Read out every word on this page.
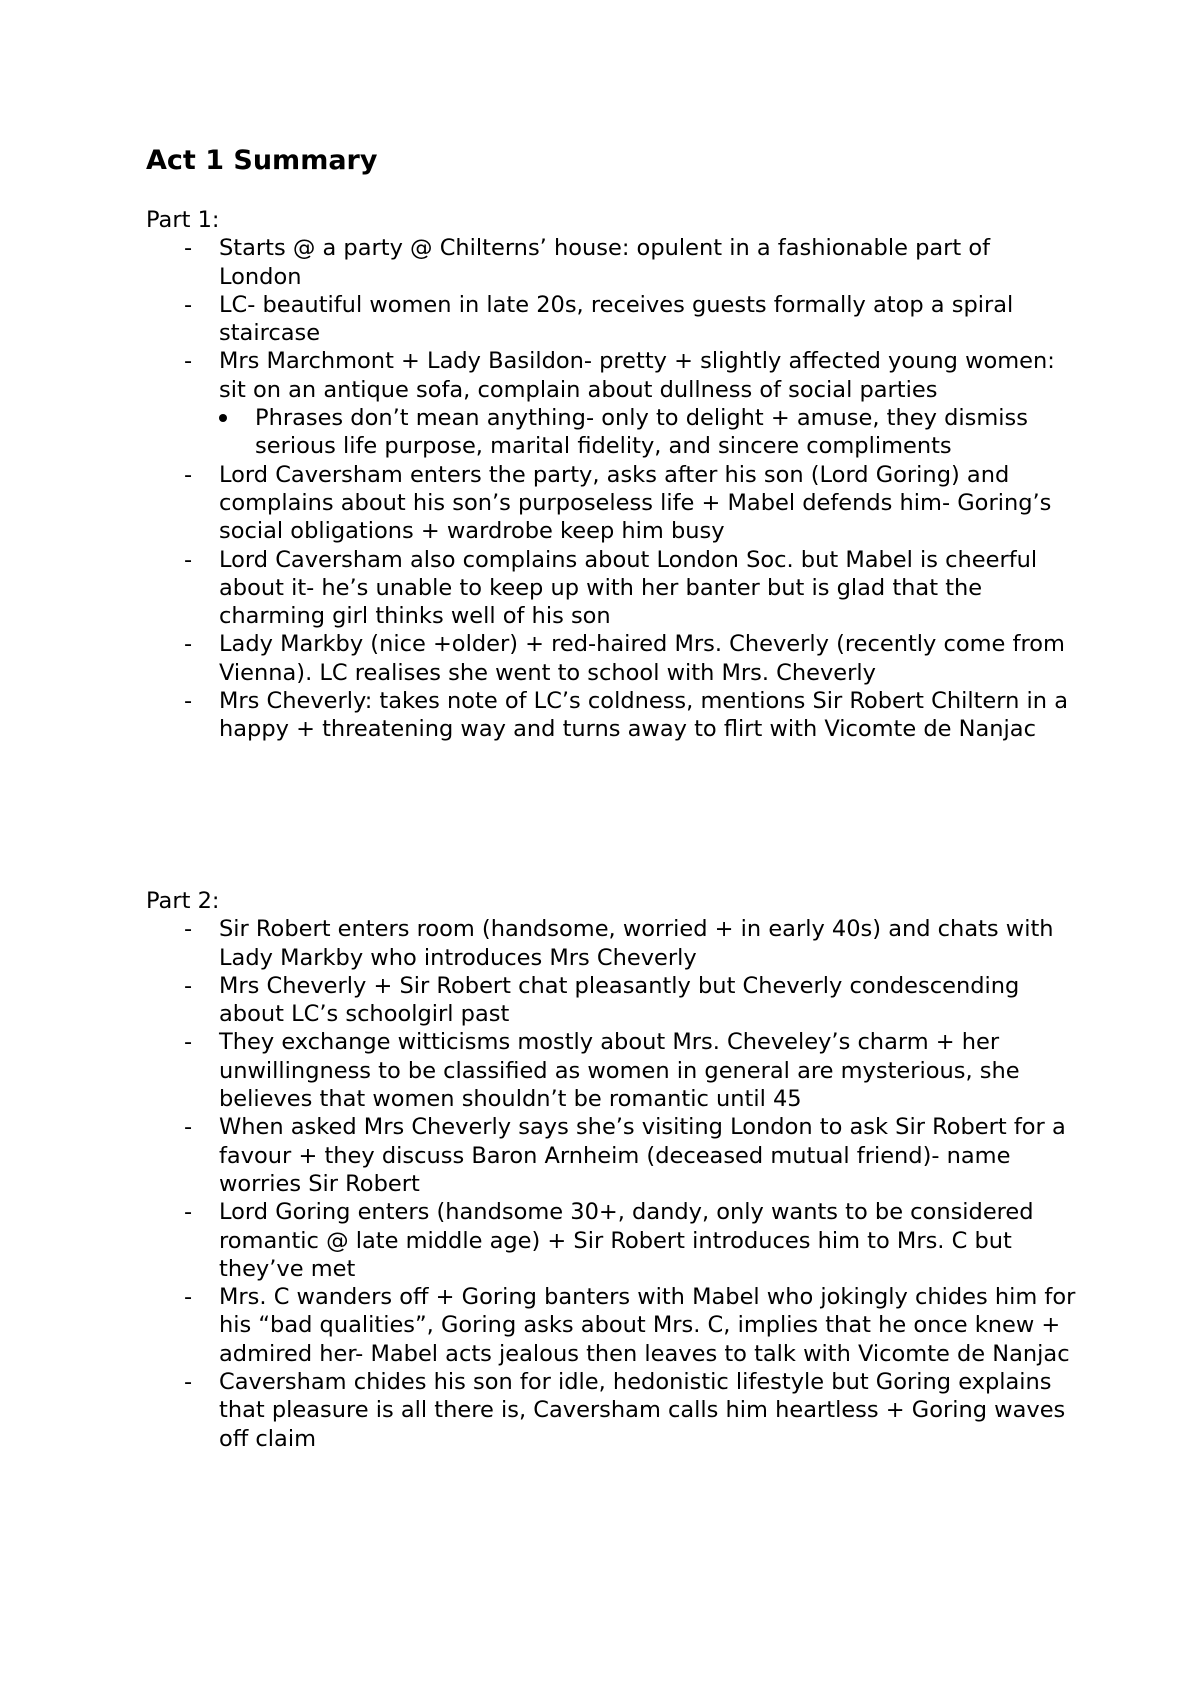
Act 1 Summary

Part 1:

- Starts @ a party @ Chilterns’ house: opulent in a fashionable part of London
- LC- beautiful women in late 20s, receives guests formally atop a spiral staircase
- Mrs Marchmont + Lady Basildon- pretty + slightly affected young women: sit on an antique sofa, complain about dullness of social parties
Phrases don’t mean anything- only to delight + amuse, they dismiss serious life purpose, marital fidelity, and sincere compliments
- Lord Caversham enters the party, asks after his son (Lord Goring) and complains about his son’s purposeless life + Mabel defends him- Goring’s social obligations + wardrobe keep him busy
- Lord Caversham also complains about London Soc. but Mabel is cheerful about it- he’s unable to keep up with her banter but is glad that the charming girl thinks well of his son
- Lady Markby (nice +older) + red-haired Mrs. Cheverly (recently come from Vienna). LC realises she went to school with Mrs. Cheverly
- Mrs Cheverly: takes note of LC’s coldness, mentions Sir Robert Chiltern in a happy + threatening way and turns away to flirt with Vicomte de Nanjac

Part 2:

- Sir Robert enters room (handsome, worried + in early 40s) and chats with Lady Markby who introduces Mrs Cheverly
- Mrs Cheverly + Sir Robert chat pleasantly but Cheverly condescending about LC’s schoolgirl past
- They exchange witticisms mostly about Mrs. Cheveley’s charm + her unwillingness to be classified as women in general are mysterious, she believes that women shouldn’t be romantic until 45
- When asked Mrs Cheverly says she’s visiting London to ask Sir Robert for a favour + they discuss Baron Arnheim (deceased mutual friend)- name worries Sir Robert
- Lord Goring enters (handsome 30+, dandy, only wants to be considered romantic @ late middle age) + Sir Robert introduces him to Mrs. C but they’ve met
- Mrs. C wanders off + Goring banters with Mabel who jokingly chides him for his “bad qualities”, Goring asks about Mrs. C, implies that he once knew + admired her- Mabel acts jealous then leaves to talk with Vicomte de Nanjac
- Caversham chides his son for idle, hedonistic lifestyle but Goring explains that pleasure is all there is, Caversham calls him heartless + Goring waves off claim
